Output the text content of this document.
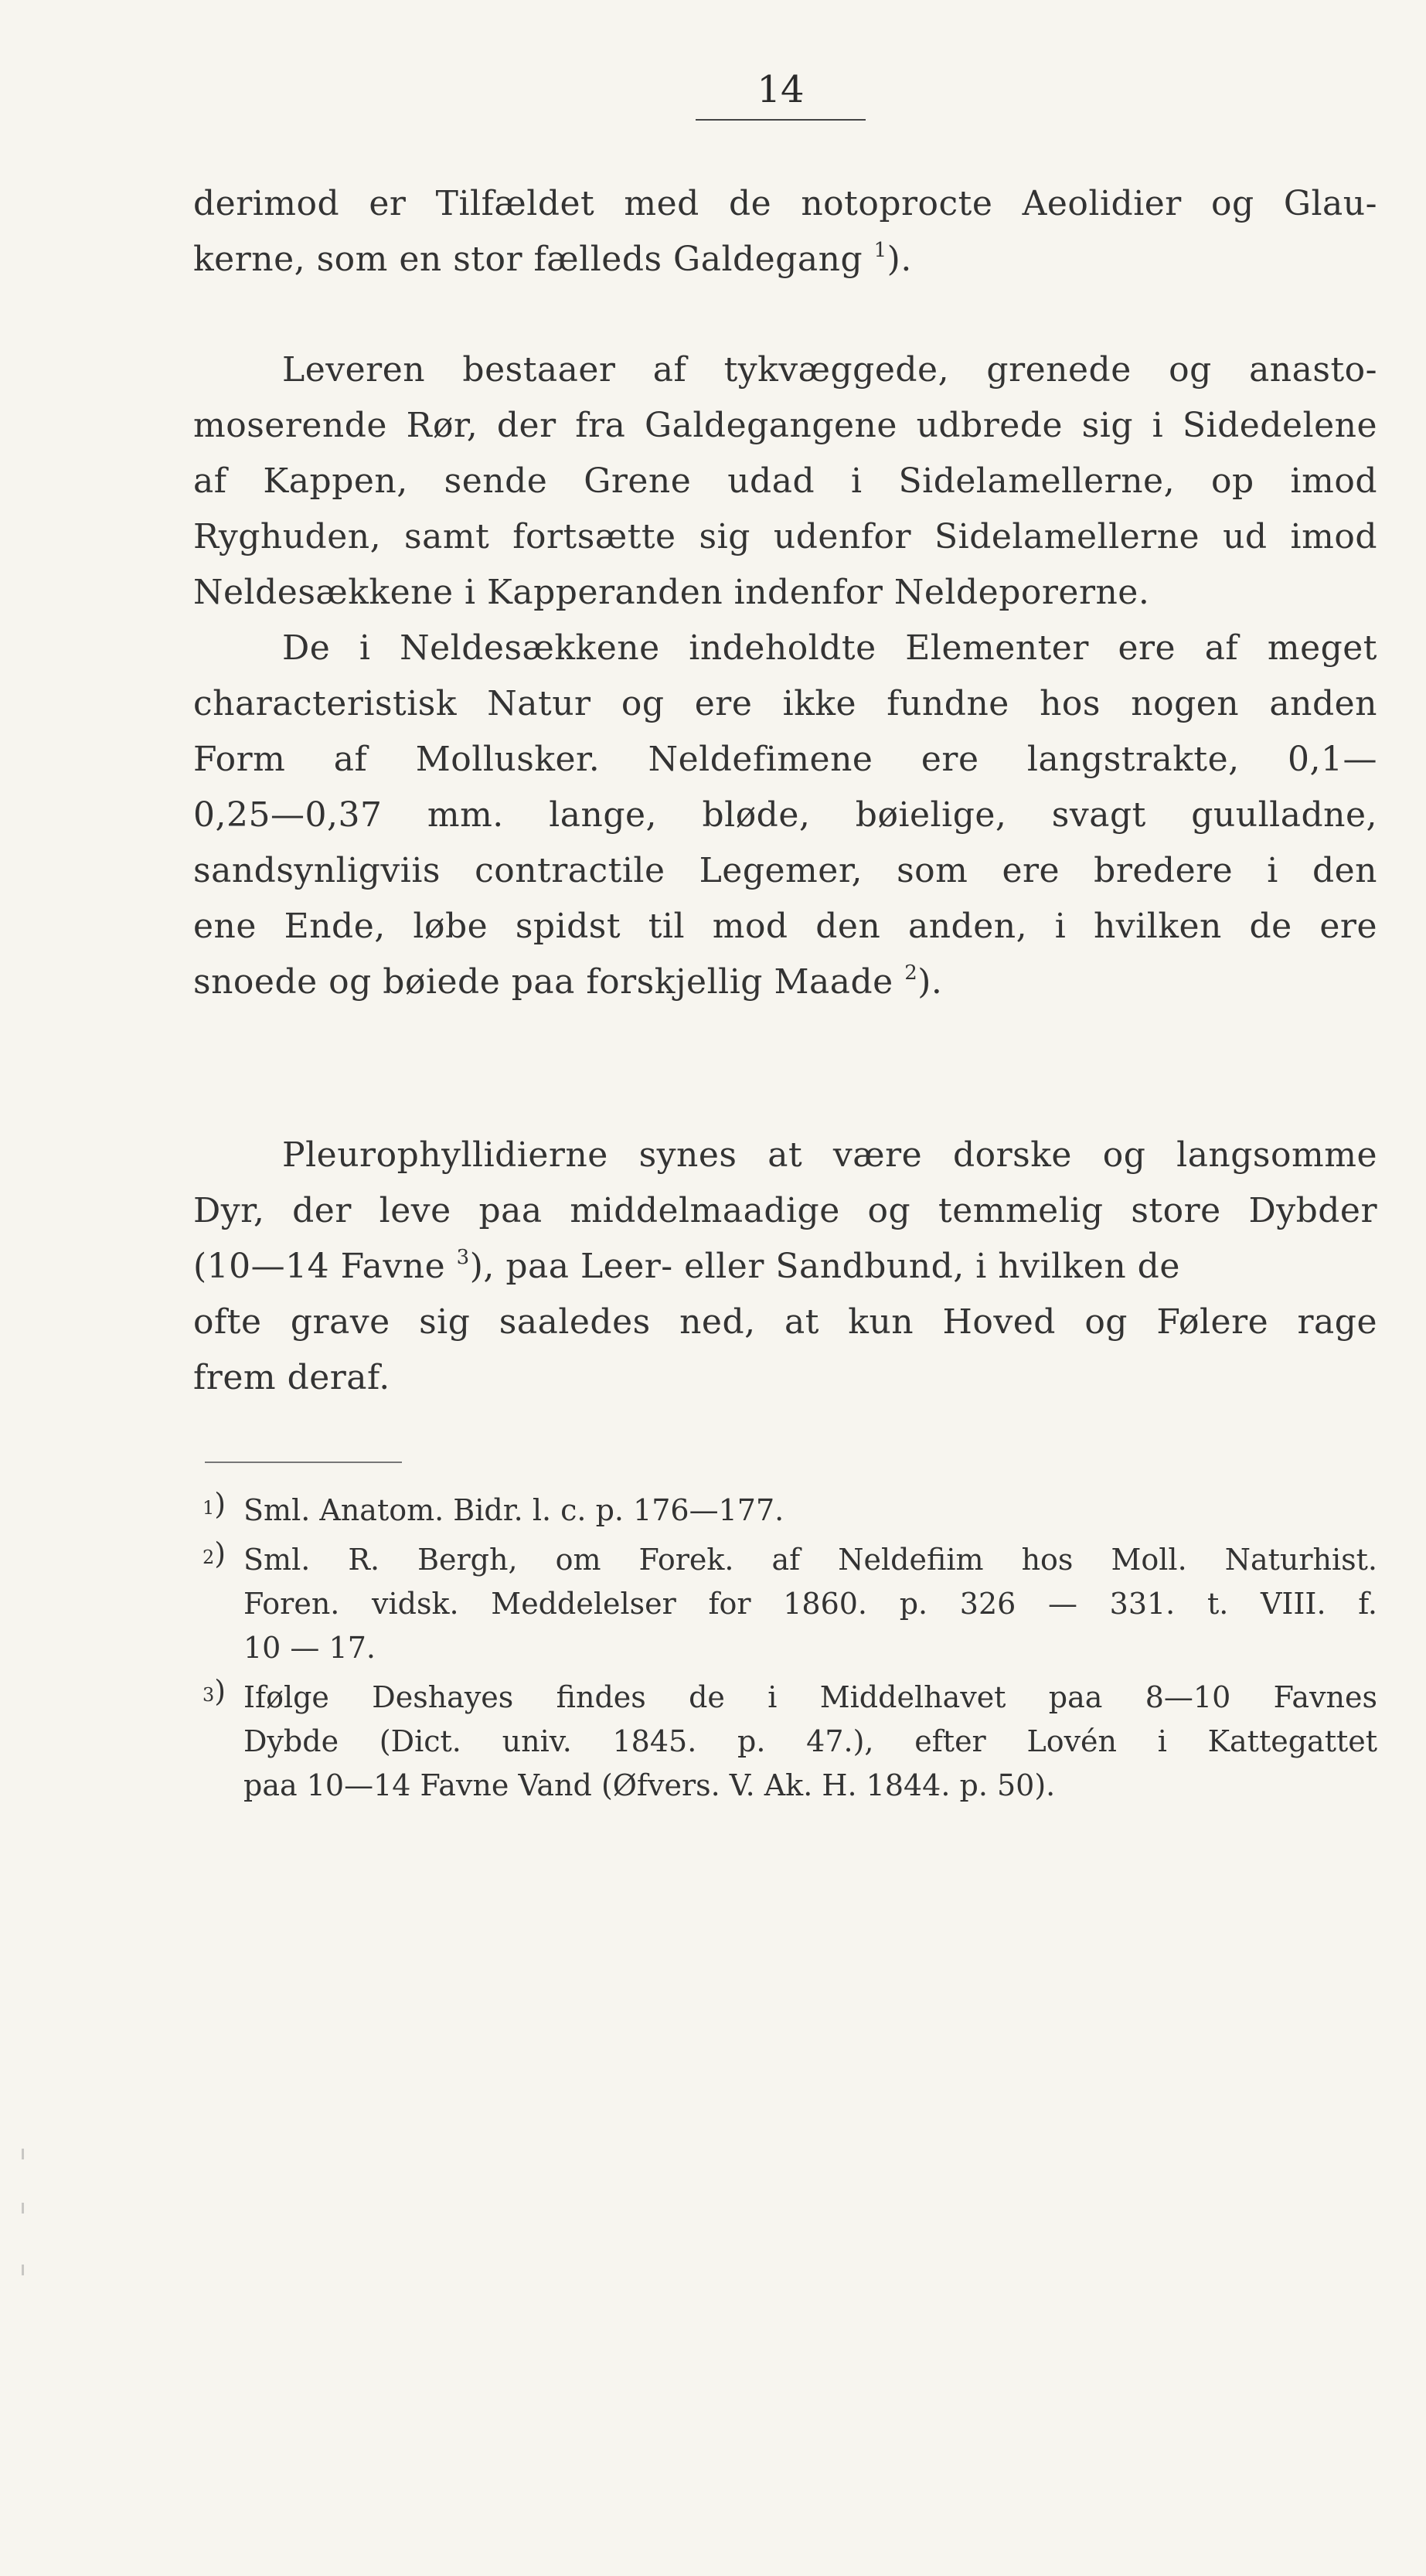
14

derimod er Tilfældet med de notoprocte Aeolidier og Glau-
kerne, som en stor fælleds Galdegang $^1$).

Leveren bestaaer af tykvæggede, grenede og anasto-
moserende Rør, der fra Galdegangene udbrede sig i Sidedelene
af Kappen, sende Grene udad i Sidelamellerne, op imod
Ryghuden, samt fortsætte sig udenfor Sidelamellerne ud imod
Neldesækkene i Kapperanden indenfor Neldeporerne.
De i Neldesækkene indeholdte Elementer ere af meget
characteristisk Natur og ere ikke fundne hos nogen anden
Form af Mollusker. Neldefimene ere langstrakte, 0,1—
0,25—0,37 mm. lange, bløde, bøielige, svagt guulladne,
sandsynligviis contractile Legemer, som ere bredere i den
ene Ende, løbe spidst til mod den anden, i hvilken de ere
snoede og bøiede paa forskjellig Maade $^2$).

Pleurophyllidierne synes at være dorske og langsomme
Dyr, der leve paa middelmaadige og temmelig store Dybder
(10—14 Favne $^3$), paa Leer- eller Sandbund, i hvilken de
ofte grave sig saaledes ned, at kun Hoved og Følere rage
frem deraf.

1) Sml. Anatom. Bidr. l. c. p. 176—177.
2) Sml. R. Bergh, om Forek. af Neldefiim hos Moll. Naturhist.
Foren. vidsk. Meddelelser for 1860. p. 326 — 331. t. VIII. f.
10 — 17.
3) Ifølge Deshayes findes de i Middelhavet paa 8—10 Favnes
Dybde (Dict. univ. 1845. p. 47.), efter Lovén i Kattegattet
paa 10—14 Favne Vand (Øfvers. V. Ak. H. 1844. p. 50).
